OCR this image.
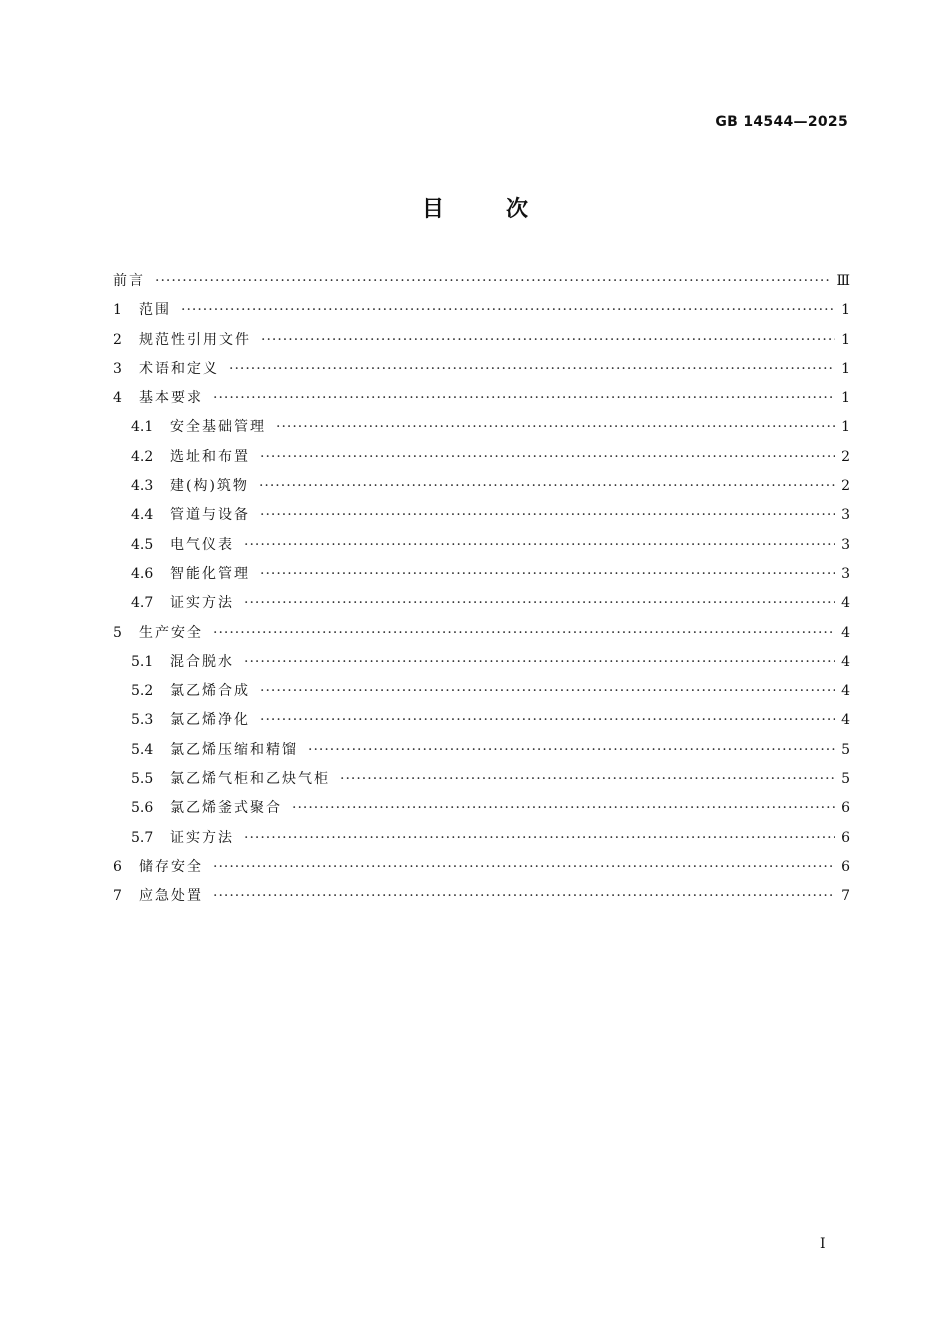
GB 14544—2025
目	次
前言 ·····	Ⅲ
1	范围 ·····	1
2	规范性引用文件 ·····	1
3	术语和定义 ·····	1
4	基本要求 ·····	1
4.1	安全基础管理 ·····	1
4.2	选址和布置 ·····	2
4.3	建(构)筑物 ·····	2
4.4	管道与设备 ·····	3
4.5	电气仪表 ·····	3
4.6	智能化管理 ·····	3
4.7	证实方法 ·····	4
5	生产安全 ·····	4
5.1	混合脱水 ·····	4
5.2	氯乙烯合成 ·····	4
5.3	氯乙烯净化 ·····	4
5.4	氯乙烯压缩和精馏 ·····	5
5.5	氯乙烯气柜和乙炔气柜 ·····	5
5.6	氯乙烯釜式聚合 ·····	6
5.7	证实方法 ·····	6
6	储存安全 ·····	6
7	应急处置 ·····	7
Ⅰ
